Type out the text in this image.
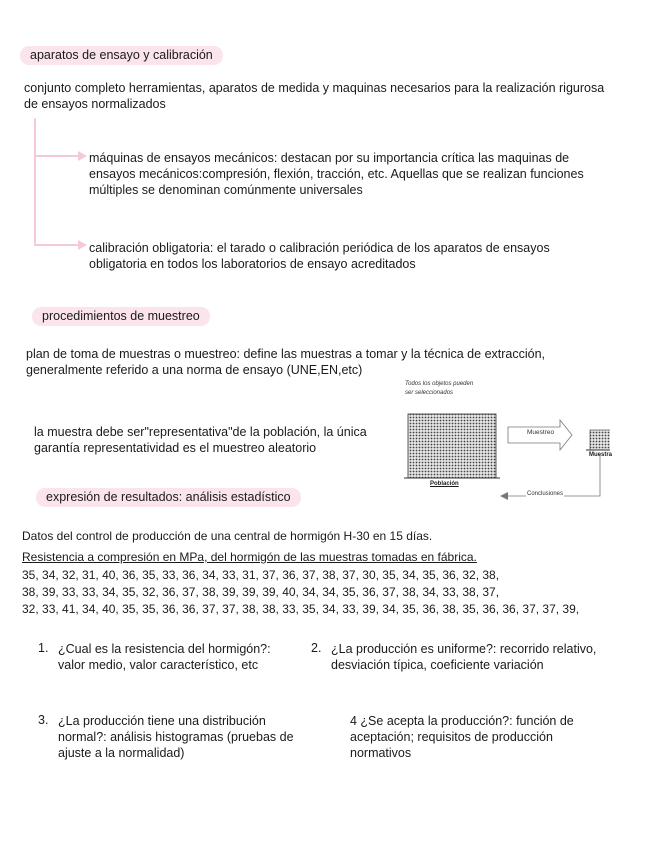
aparatos de ensayo y calibración
conjunto completo herramientas, aparatos de medida y maquinas necesarios para la realización rigurosa de ensayos normalizados
máquinas de ensayos mecánicos: destacan por su importancia crítica las maquinas de ensayos mecánicos:compresión, flexión, tracción, etc. Aquellas que se realizan funciones múltiples se denominan comúnmente universales
calibración obligatoria: el tarado o calibración periódica de los aparatos de ensayos obligatoria en todos los laboratorios de ensayo acreditados
procedimientos de muestreo
plan de toma de muestras o muestreo: define las muestras a tomar y la técnica de extracción, generalmente referido a una norma de ensayo (UNE,EN,etc)
la muestra debe ser"representativa"de la población, la única garantía representatividad es el muestreo aleatorio
Todos los objetos pueden
ser seleccionados
Muestreo
Población
Muestra
Conclusiones
expresión de resultados: análisis estadístico
Datos del control de producción de una central de hormigón H-30 en 15 días.
Resistencia a compresión en MPa, del hormigón de las muestras tomadas en fábrica.
35, 34, 32, 31, 40, 36, 35, 33, 36, 34, 33, 31, 37, 36, 37, 38, 37, 30, 35, 34, 35, 36, 32, 38,
38, 39, 33, 33, 34, 35, 32, 36, 37, 38, 39, 39, 39, 40, 34, 34, 35, 36, 37, 38, 34, 33, 38, 37,
32, 33, 41, 34, 40, 35, 35, 36, 36, 37, 37, 38, 38, 33, 35, 34, 33, 39, 34, 35, 36, 38, 35, 36, 36, 37, 37, 39,
1. ¿Cual es la resistencia del hormigón?: valor medio, valor característico, etc
2. ¿La producción es uniforme?: recorrido relativo, desviación típica, coeficiente variación
3. ¿La producción tiene una distribución normal?: análisis histogramas (pruebas de ajuste a la normalidad)
4 ¿Se acepta la producción?: función de aceptación; requisitos de producción normativos
